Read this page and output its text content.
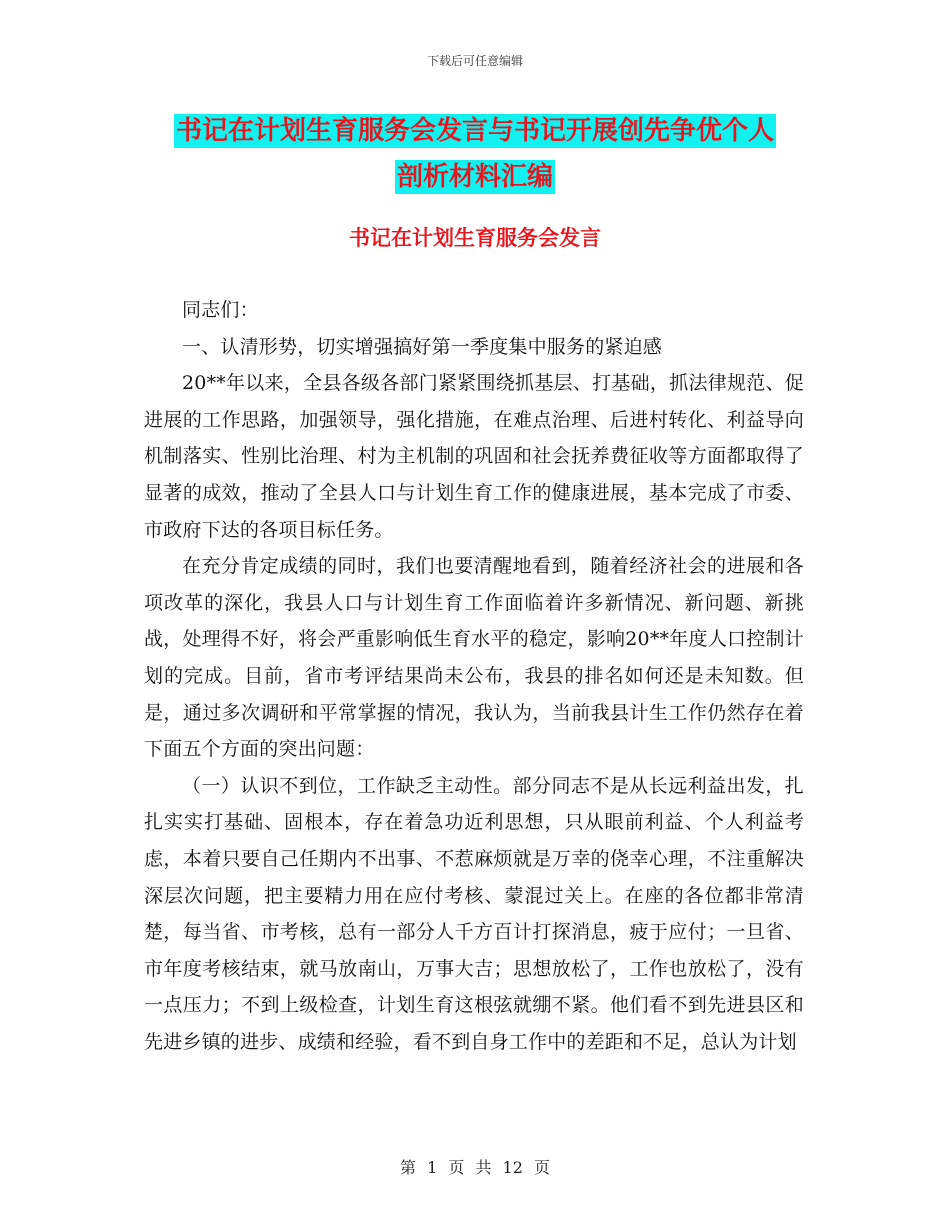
下载后可任意编辑
书记在计划生育服务会发言与书记开展创先争优个人
剖析材料汇编
书记在计划生育服务会发言

同志们：

一、认清形势，切实增强搞好第一季度集中服务的紧迫感

20**年以来，全县各级各部门紧紧围绕抓基层、打基础，抓法律规范、促进展的工作思路，加强领导，强化措施，在难点治理、后进村转化、利益导向机制落实、性别比治理、村为主机制的巩固和社会抚养费征收等方面都取得了显著的成效，推动了全县人口与计划生育工作的健康进展，基本完成了市委、市政府下达的各项目标任务。

在充分肯定成绩的同时，我们也要清醒地看到，随着经济社会的进展和各项改革的深化，我县人口与计划生育工作面临着许多新情况、新问题、新挑战，处理得不好，将会严重影响低生育水平的稳定，影响20**年度人口控制计划的完成。目前，省市考评结果尚未公布，我县的排名如何还是未知数。但是，通过多次调研和平常掌握的情况，我认为，当前我县计生工作仍然存在着下面五个方面的突出问题：

（一）认识不到位，工作缺乏主动性。部分同志不是从长远利益出发，扎扎实实打基础、固根本，存在着急功近利思想，只从眼前利益、个人利益考虑，本着只要自己任期内不出事、不惹麻烦就是万幸的侥幸心理，不注重解决深层次问题，把主要精力用在应付考核、蒙混过关上。在座的各位都非常清楚，每当省、市考核，总有一部分人千方百计打探消息，疲于应付；一旦省、市年度考核结束，就马放南山，万事大吉；思想放松了，工作也放松了，没有一点压力；不到上级检查，计划生育这根弦就绷不紧。他们看不到先进县区和先进乡镇的进步、成绩和经验，看不到自身工作中的差距和不足，总认为计划

第 1 页 共 12 页
